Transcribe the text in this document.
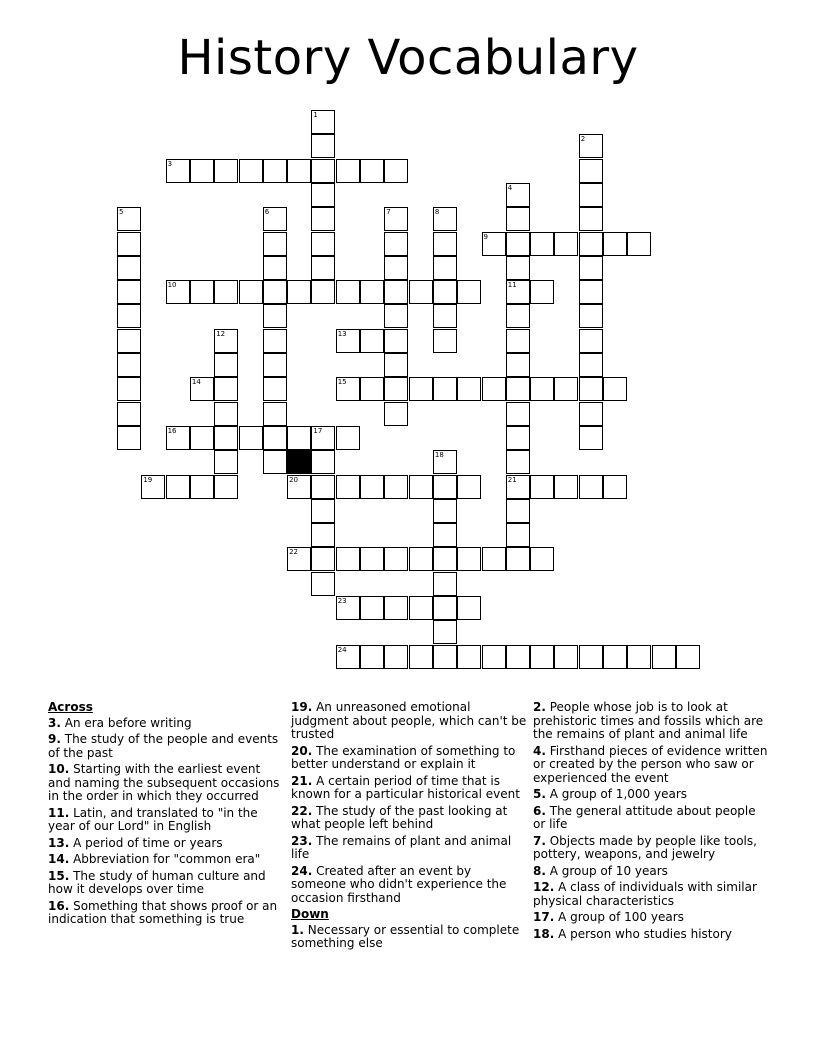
History Vocabulary
3
9
10	11
13
14	15
16	17
19	20	21
22
23
24
1
2
4
5	6	7	8
12
18
Across
3. An era before writing
9. The study of the people and events of the past
10. Starting with the earliest event and naming the subsequent occasions in the order in which they occurred
11. Latin, and translated to "in the year of our Lord" in English
13. A period of time or years
14. Abbreviation for "common era"
15. The study of human culture and how it develops over time
16. Something that shows proof or an indication that something is true
19. An unreasoned emotional judgment about people, which can't be trusted
20. The examination of something to better understand or explain it
21. A certain period of time that is known for a particular historical event
22. The study of the past looking at what people left behind
23. The remains of plant and animal life
24. Created after an event by someone who didn't experience the occasion firsthand
Down
1. Necessary or essential to complete something else
2. People whose job is to look at prehistoric times and fossils which are the remains of plant and animal life
4. Firsthand pieces of evidence written or created by the person who saw or experienced the event
5. A group of 1,000 years
6. The general attitude about people or life
7. Objects made by people like tools, pottery, weapons, and jewelry
8. A group of 10 years
12. A class of individuals with similar physical characteristics
17. A group of 100 years
18. A person who studies history
